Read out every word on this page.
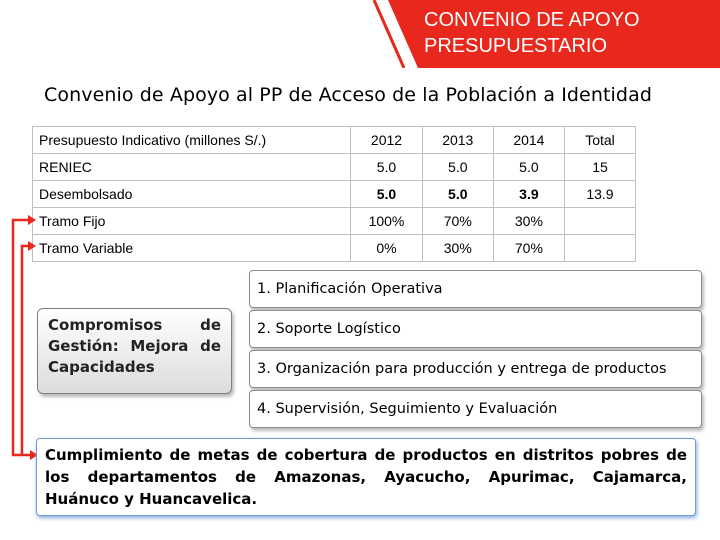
CONVENIO DE APOYO
PRESUPUESTARIO
Convenio de Apoyo al PP de Acceso de la Población a Identidad
Presupuesto Indicativo (millones S/.)	2012	2013	2014	Total
RENIEC	5.0	5.0	5.0	15
Desembolsado	5.0	5.0	3.9	13.9
Tramo Fijo	100%	70%	30%	
Tramo Variable	0%	30%	70%	
Compromisos de Gestión: Mejora de Capacidades
1. Planificación Operativa
2. Soporte Logístico
3. Organización para producción y entrega de productos
4. Supervisión, Seguimiento y Evaluación
Cumplimiento de metas de cobertura de productos en distritos pobres de los departamentos de Amazonas, Ayacucho, Apurimac, Cajamarca, Huánuco y Huancavelica.
